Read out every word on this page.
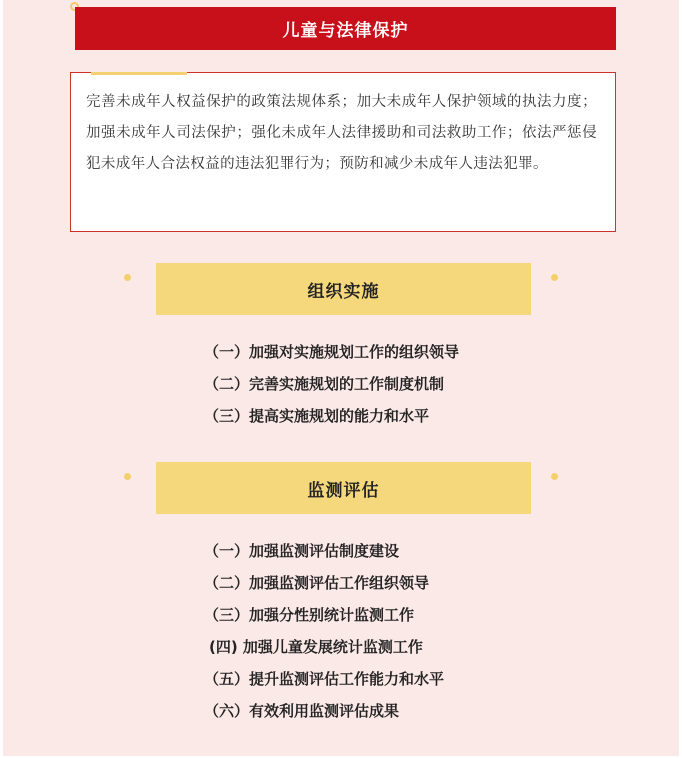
儿童与法律保护

完善未成年人权益保护的政策法规体系；加大未成年人保护领域的执法力度；加强未成年人司法保护；强化未成年人法律援助和司法救助工作；依法严惩侵犯未成年人合法权益的违法犯罪行为；预防和减少未成年人违法犯罪。

组织实施
（一）加强对实施规划工作的组织领导
（二）完善实施规划的工作制度机制
（三）提高实施规划的能力和水平
监测评估
（一）加强监测评估制度建设
（二）加强监测评估工作组织领导
（三）加强分性别统计监测工作
(四) 加强儿童发展统计监测工作
（五）提升监测评估工作能力和水平
（六）有效利用监测评估成果
